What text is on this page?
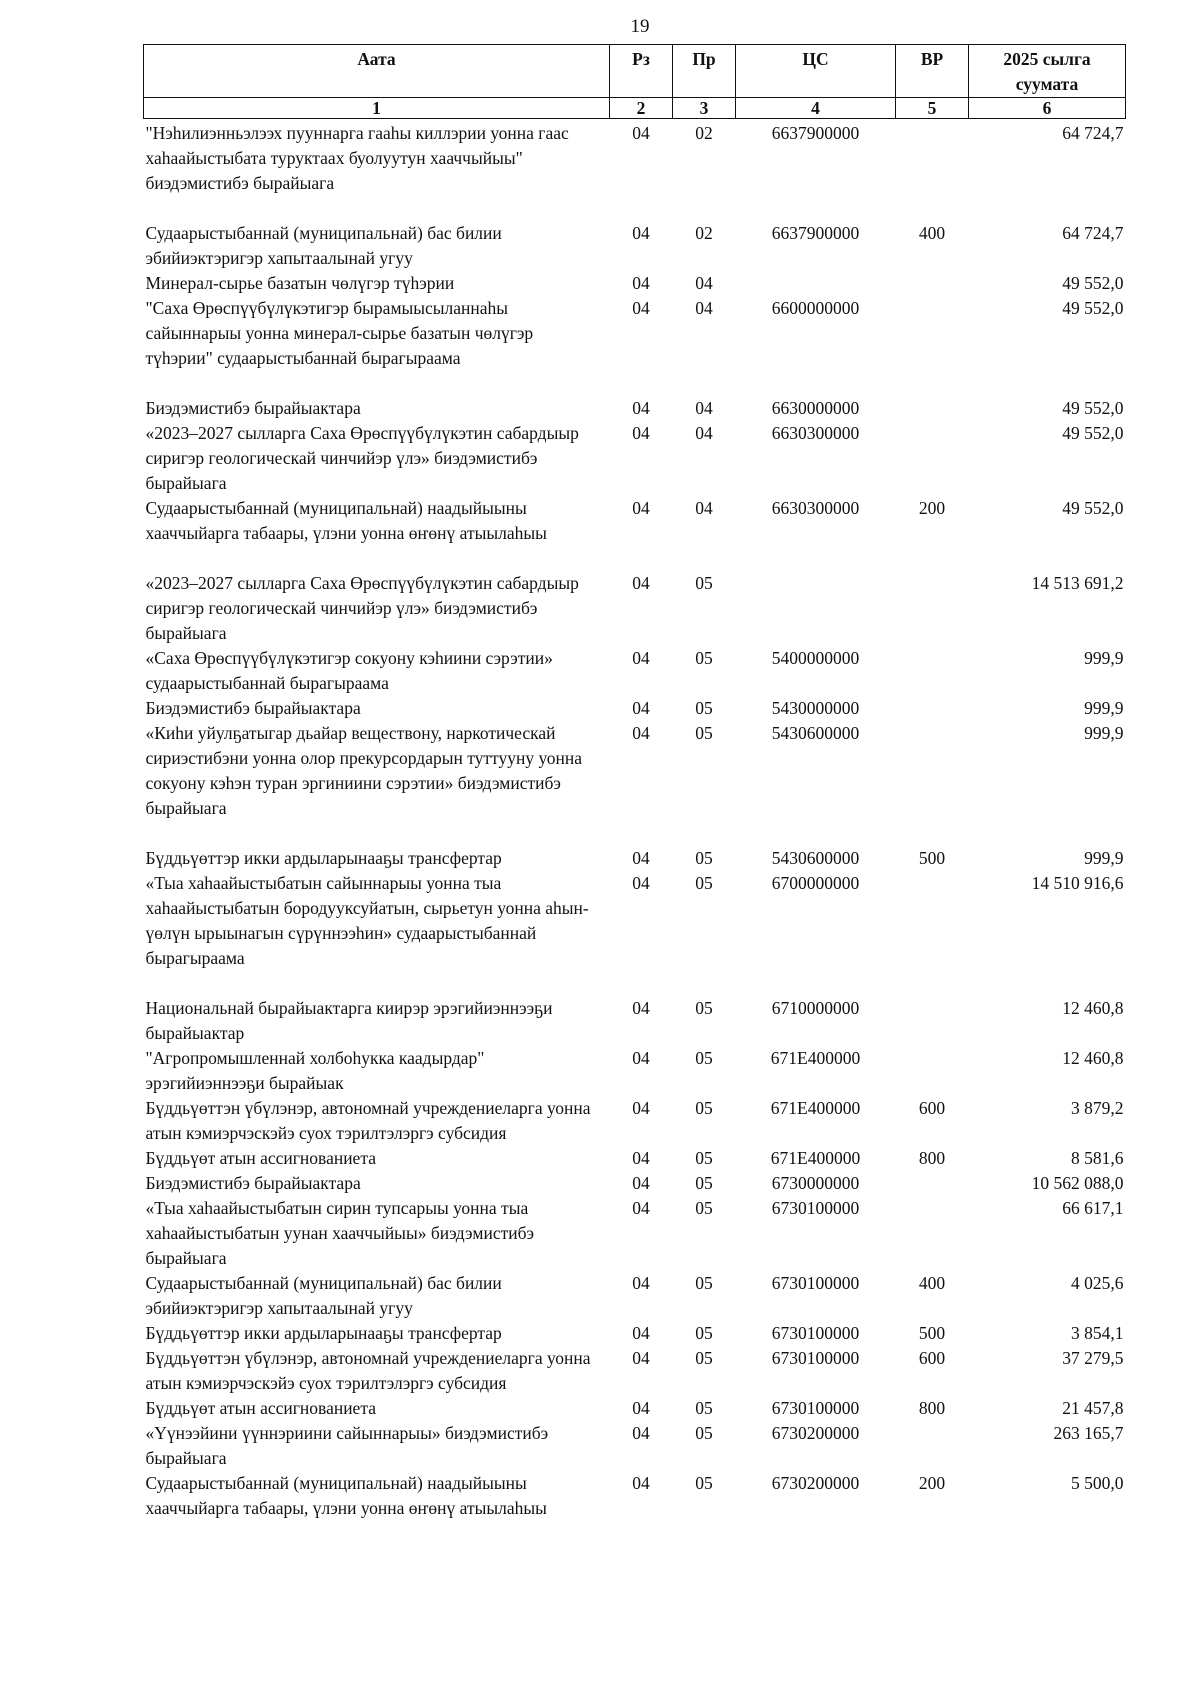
19
Аата	Рз	Пр	ЦС	ВР	2025 сылга суумата
1	2	3	4	5	6
"Нэһилиэнньэлээх пууннарга гааһы киллэрии уонна гаас хаһаайыстыбата туруктаах буолуутун хааччыйыы" биэдэмистибэ бырайыага	04	02	6637900000		64 724,7

Судаарыстыбаннай (муниципальнай) бас билии эбийиэктэригэр хапытаалынай угуу	04	02	6637900000	400	64 724,7
Минерал-сырье базатын чөлүгэр түһэрии	04	04			49 552,0
"Саха Өрөспүүбүлүкэтигэр бырамыысыланнаһы сайыннарыы уонна минерал-сырье базатын чөлүгэр түһэрии" судаарыстыбаннай бырагыраама	04	04	6600000000		49 552,0

Биэдэмистибэ бырайыактара	04	04	6630000000		49 552,0
«2023–2027 сылларга Саха Өрөспүүбүлүкэтин сабардыыр сиригэр геологическай чинчийэр үлэ» биэдэмистибэ бырайыага	04	04	6630300000		49 552,0
Судаарыстыбаннай (муниципальнай) наадыйыыны хааччыйарга табаары, үлэни уонна өҥөнү атыылаһыы	04	04	6630300000	200	49 552,0

«2023–2027 сылларга Саха Өрөспүүбүлүкэтин сабардыыр сиригэр геологическай чинчийэр үлэ» биэдэмистибэ бырайыага	04	05			14 513 691,2
«Саха Өрөспүүбүлүкэтигэр сокуону кэһиини сэрэтии» судаарыстыбаннай бырагыраама	04	05	5400000000		999,9
Биэдэмистибэ бырайыактара	04	05	5430000000		999,9
«Киһи уйулҕатыгар дьайар веществону, наркотическай сириэстибэни уонна олор прекурсордарын туттууну уонна сокуону кэһэн туран эргиниини сэрэтии» биэдэмистибэ бырайыага	04	05	5430600000		999,9

Бүддьүөттэр икки ардыларынааҕы трансфертар	04	05	5430600000	500	999,9
«Тыа хаһаайыстыбатын сайыннарыы уонна тыа хаһаайыстыбатын бородууксуйатын, сырьетун уонна аһын-үөлүн ырыынагын сүрүннээһин» судаарыстыбаннай бырагыраама	04	05	6700000000		14 510 916,6

Национальнай бырайыактарга киирэр эрэгийиэннээҕи бырайыактар	04	05	6710000000		12 460,8
"Агропромышленнай холбоһукка каадырдар" эрэгийиэннээҕи бырайыак	04	05	671Е400000		12 460,8
Бүддьүөттэн үбүлэнэр, автономнай учреждениеларга уонна атын кэмиэрчэскэйэ суох тэрилтэлэргэ субсидия	04	05	671Е400000	600	3 879,2
Бүддьүөт атын ассигнованиета	04	05	671Е400000	800	8 581,6
Биэдэмистибэ бырайыактара	04	05	6730000000		10 562 088,0
«Тыа хаһаайыстыбатын сирин тупсарыы уонна тыа хаһаайыстыбатын уунан хааччыйыы» биэдэмистибэ бырайыага	04	05	6730100000		66 617,1
Судаарыстыбаннай (муниципальнай) бас билии эбийиэктэригэр хапытаалынай угуу	04	05	6730100000	400	4 025,6
Бүддьүөттэр икки ардыларынааҕы трансфертар	04	05	6730100000	500	3 854,1
Бүддьүөттэн үбүлэнэр, автономнай учреждениеларга уонна атын кэмиэрчэскэйэ суох тэрилтэлэргэ субсидия	04	05	6730100000	600	37 279,5
Бүддьүөт атын ассигнованиета	04	05	6730100000	800	21 457,8
«Үүнээйини үүннэриини сайыннарыы» биэдэмистибэ бырайыага	04	05	6730200000		263 165,7
Судаарыстыбаннай (муниципальнай) наадыйыыны хааччыйарга табаары, үлэни уонна өҥөнү атыылаһыы	04	05	6730200000	200	5 500,0
